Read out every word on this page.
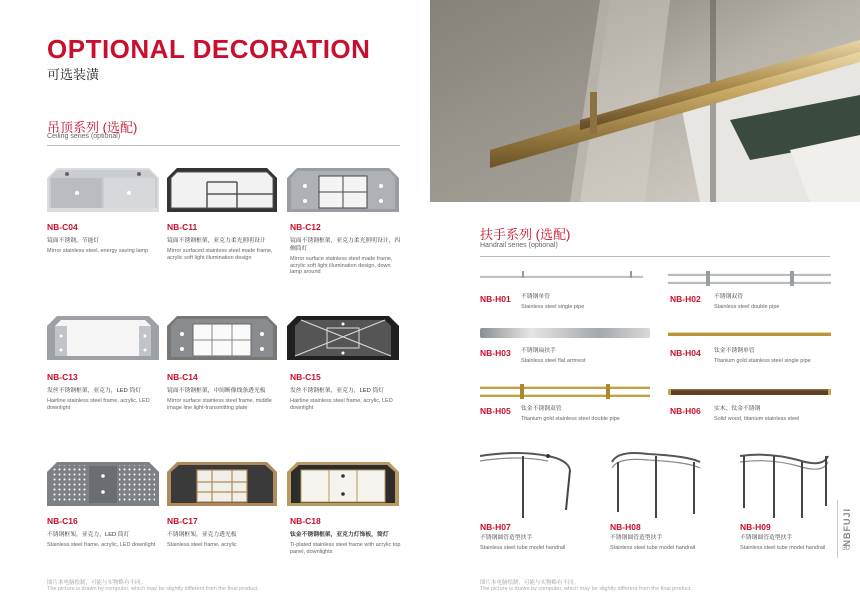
OPTIONAL DECORATION
可选装潢
吊顶系列 (选配)
Ceiling series (optional)
NB-C04
镜面不锈钢，节能灯
Mirror stainless steel, energy saving lamp
NB-C11
镜面不锈钢框架，亚克力柔光照明设计
Mirror surfaced stainless steel made frame, acrylic soft light illumination design
NB-C12
镜面不锈钢框架，亚克力柔光照明设计，四侧筒灯
Mirror surface stainless steel made frame, acrylic soft light illumination design, down lamp around
NB-C13
发丝不锈钢框架，亚克力，LED 筒灯
Hairline stainless steel frame, acrylic, LED downlight
NB-C14
镜面不锈钢框架，中间断像线条透光板
Mirror surface stainless steel frame, middle image line light-transmitting plate
NB-C15
发丝不锈钢框架，亚克力，LED 筒灯
Hairline stainless steel frame, acrylic, LED downlight
NB-C16
不锈钢框架，亚克力，LED 筒灯
Stainless steel frame, acrylic, LED downlight
NB-C17
不锈钢框架，亚克力透光板
Stainless steel frame, acrylic
NB-C18
钛金不锈钢框架，亚克力灯饰板，筒灯
Ti-plated stainless steel frame with acrylic top panel, downlights
图片本电脑绘制，可能与实物略有不同。
The picture is drawn by computer, which may be slightly different from the final product.
扶手系列 (选配)
Handrail series (optional)
NB-H01 不锈钢单管
Stainless steel single pipe
NB-H02 不锈钢双管
Stainless steel double pipe
NB-H03 不锈钢扁扶手
Stainless steel flat armrest
NB-H04 钛金不锈钢单管
Titanium gold stainless steel single pipe
NB-H05 钛金不锈钢双管
Titanium gold stainless steel double pipe
NB-H06 实木、钛金不锈钢
Solid wood, titanium stainless steel
NB-H07
不锈钢圆管造型扶手
Stainless steel tube model handrail
NB-H08
不锈钢圆管造型扶手
Stainless steel tube model handrail
NB-H09
不锈钢圆管造型扶手
Stainless steel tube model handrail
图片本电脑绘制，可能与实物略有不同。
The picture is drawn by computer, which may be slightly different from the final product.
NBFUJI
30
